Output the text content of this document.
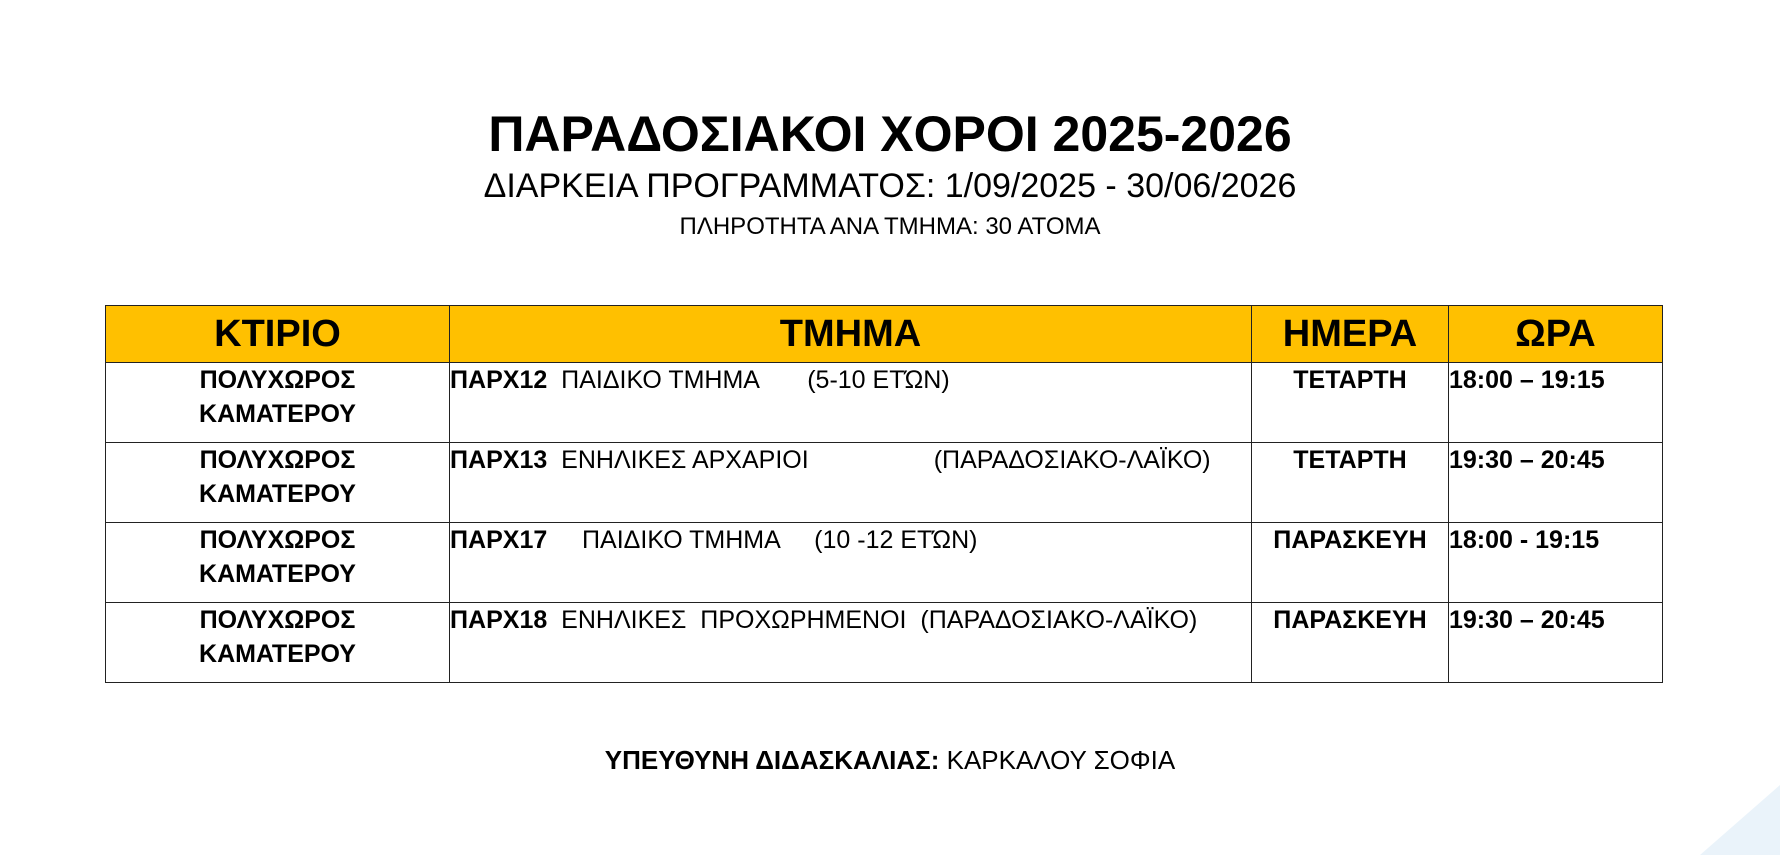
ΠΑΡΑΔΟΣΙΑΚΟΙ ΧΟΡΟΙ 2025-2026
ΔΙΑΡΚΕΙΑ ΠΡΟΓΡΑΜΜΑΤΟΣ: 1/09/2025 - 30/06/2026
ΠΛΗΡΟΤΗΤΑ ΑΝΑ ΤΜΗΜΑ: 30 ΑΤΟΜΑ
ΚΤΙΡΙΟ	ΤΜΗΜΑ	ΗΜΕΡΑ	ΩΡΑ

ΠΟΛΥΧΩΡΟΣ
ΚΑΜΑΤΕΡΟΥ	ΠΑΡΧ12  ΠΑΙΔΙΚΟ ΤΜΗΜΑ       (5-10 ΕΤΏΝ)	ΤΕΤΑΡΤΗ	18:00 – 19:15

ΠΟΛΥΧΩΡΟΣ
ΚΑΜΑΤΕΡΟΥ	ΠΑΡΧ13  ΕΝΗΛΙΚΕΣ ΑΡΧΑΡΙΟΙ                  (ΠΑΡΑΔΟΣΙΑΚΟ-ΛΑΪΚΟ)	ΤΕΤΑΡΤΗ	19:30 – 20:45

ΠΟΛΥΧΩΡΟΣ
ΚΑΜΑΤΕΡΟΥ	ΠΑΡΧ17     ΠΑΙΔΙΚΟ ΤΜΗΜΑ     (10 -12 ΕΤΏΝ)	ΠΑΡΑΣΚΕΥΗ	18:00 - 19:15

ΠΟΛΥΧΩΡΟΣ
ΚΑΜΑΤΕΡΟΥ	ΠΑΡΧ18  ΕΝΗΛΙΚΕΣ  ΠΡΟΧΩΡΗΜΕΝΟΙ  (ΠΑΡΑΔΟΣΙΑΚΟ-ΛΑΪΚΟ)	ΠΑΡΑΣΚΕΥΗ	19:30 – 20:45
ΥΠΕΥΘΥΝΗ ΔΙΔΑΣΚΑΛΙΑΣ: ΚΑΡΚΑΛΟΥ ΣΟΦΙΑ
